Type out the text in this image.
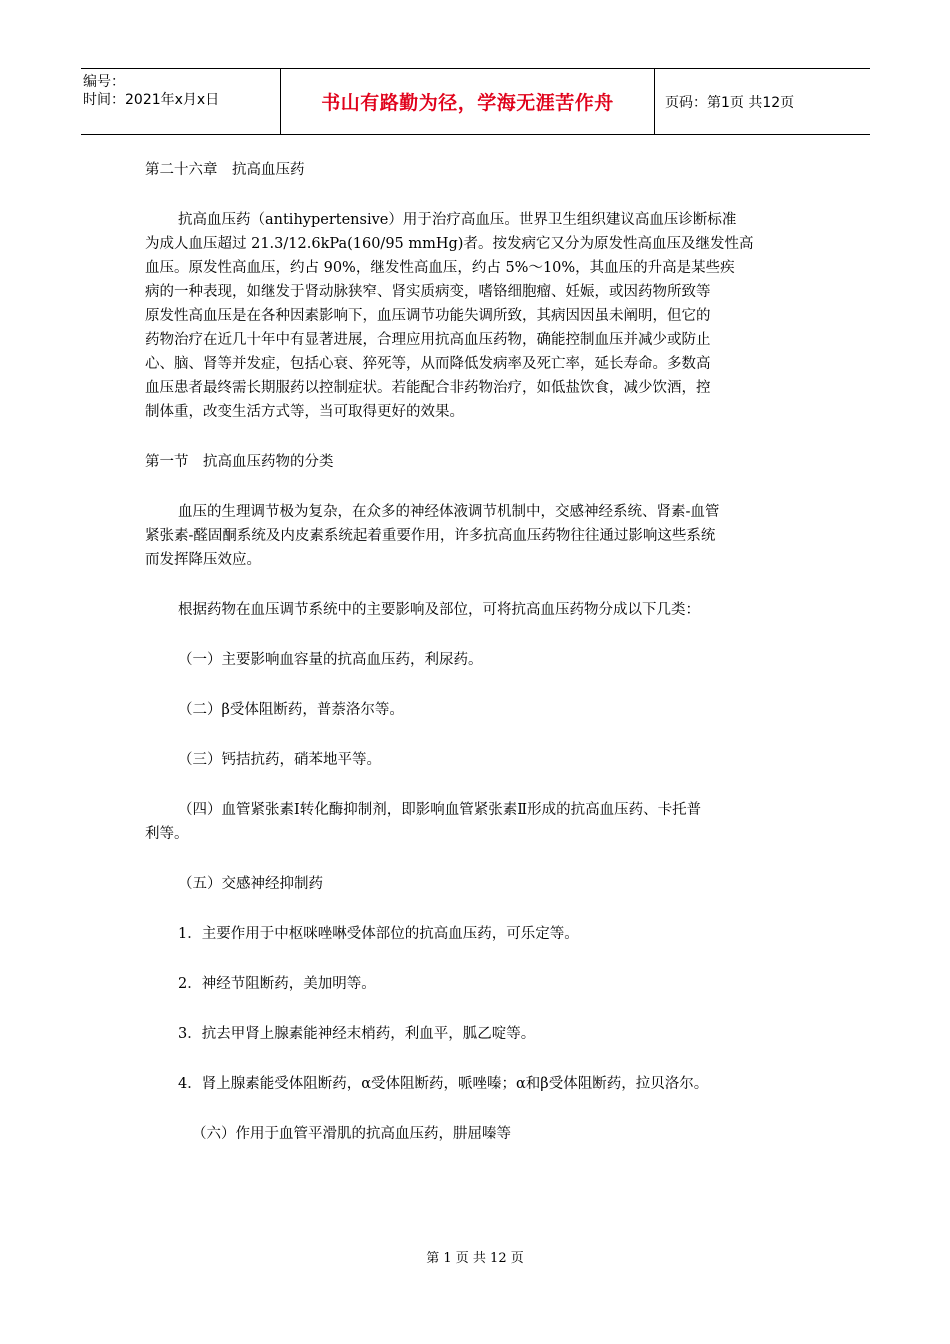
编号：
时间：2021年x月x日	书山有路勤为径，学海无涯苦作舟	页码：第1页 共12页
第二十六章　抗高血压药
抗高血压药（antihypertensive）用于治疗高血压。世界卫生组织建议高血压诊断标准
为成人血压超过 21.3/12.6kPa(160/95 mmHg)者。按发病它又分为原发性高血压及继发性高
血压。原发性高血压，约占 90%，继发性高血压，约占 5%～10%，其血压的升高是某些疾
病的一种表现，如继发于肾动脉狭窄、肾实质病变，嗜铬细胞瘤、妊娠，或因药物所致等
原发性高血压是在各种因素影响下，血压调节功能失调所致，其病因因虽未阐明，但它的
药物治疗在近几十年中有显著进展，合理应用抗高血压药物，确能控制血压并减少或防止
心、脑、肾等并发症，包括心衰、猝死等，从而降低发病率及死亡率，延长寿命。多数高
血压患者最终需长期服药以控制症状。若能配合非药物治疗，如低盐饮食，减少饮酒，控
制体重，改变生活方式等，当可取得更好的效果。
第一节　抗高血压药物的分类
血压的生理调节极为复杂，在众多的神经体液调节机制中，交感神经系统、肾素-血管
紧张素-醛固酮系统及内皮素系统起着重要作用，许多抗高血压药物往往通过影响这些系统
而发挥降压效应。
根据药物在血压调节系统中的主要影响及部位，可将抗高血压药物分成以下几类：
（一）主要影响血容量的抗高血压药，利尿药。
（二）β受体阻断药，普萘洛尔等。
（三）钙拮抗药，硝苯地平等。
（四）血管紧张素Ⅰ转化酶抑制剂，即影响血管紧张素Ⅱ形成的抗高血压药、卡托普
利等。
（五）交感神经抑制药
1．主要作用于中枢咪唑啉受体部位的抗高血压药，可乐定等。
2．神经节阻断药，美加明等。
3．抗去甲肾上腺素能神经末梢药，利血平，胍乙啶等。
4．肾上腺素能受体阻断药，α受体阻断药，哌唑嗪；α和β受体阻断药，拉贝洛尔。
（六）作用于血管平滑肌的抗高血压药，肼屈嗪等
第 1 页 共 12 页
